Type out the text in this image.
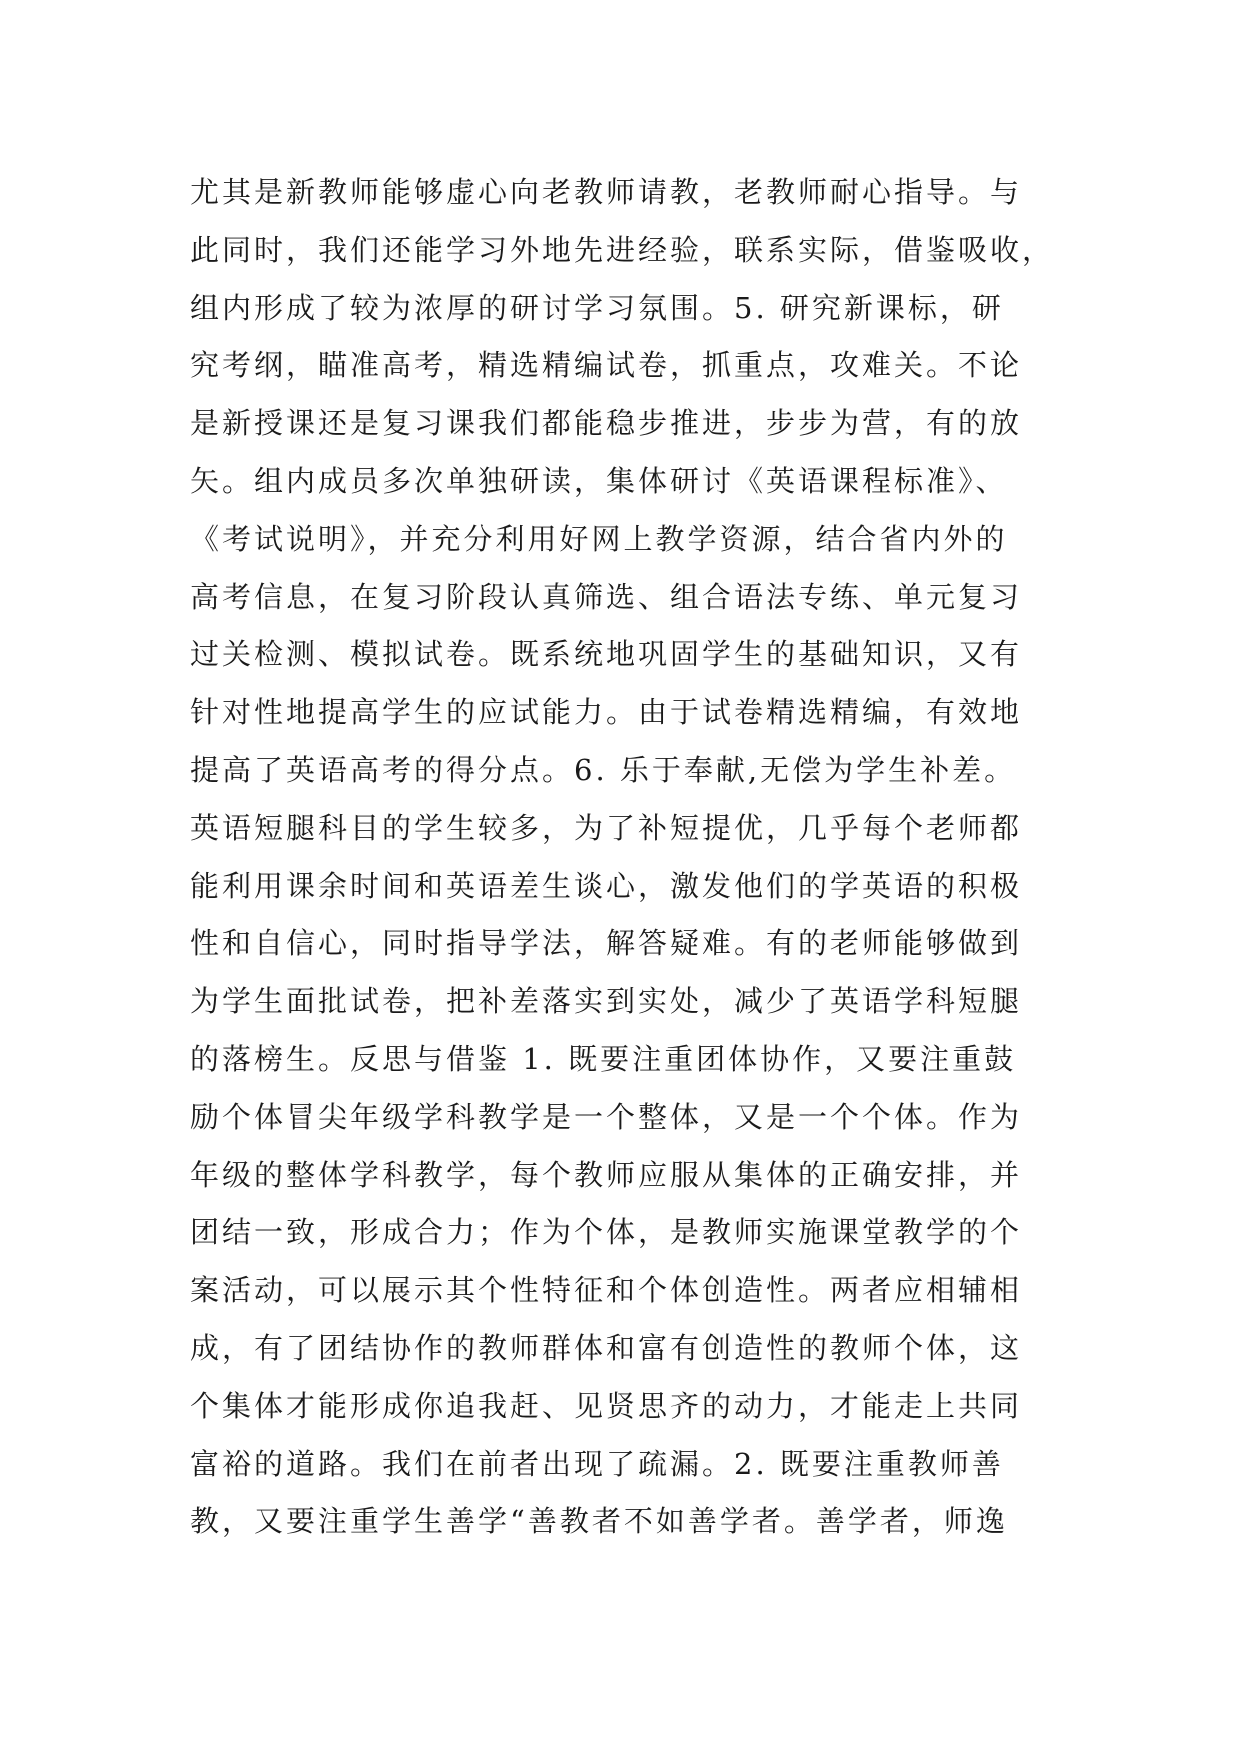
尤其是新教师能够虚心向老教师请教，老教师耐心指导。与
此同时，我们还能学习外地先进经验，联系实际，借鉴吸收，
组内形成了较为浓厚的研讨学习氛围。5. 研究新课标，研
究考纲，瞄准高考，精选精编试卷，抓重点，攻难关。不论
是新授课还是复习课我们都能稳步推进，步步为营，有的放
矢。组内成员多次单独研读，集体研讨《英语课程标准》、
《考试说明》，并充分利用好网上教学资源，结合省内外的
高考信息，在复习阶段认真筛选、组合语法专练、单元复习
过关检测、模拟试卷。既系统地巩固学生的基础知识，又有
针对性地提高学生的应试能力。由于试卷精选精编，有效地
提高了英语高考的得分点。6. 乐于奉献,无偿为学生补差。
英语短腿科目的学生较多，为了补短提优，几乎每个老师都
能利用课余时间和英语差生谈心，激发他们的学英语的积极
性和自信心，同时指导学法，解答疑难。有的老师能够做到
为学生面批试卷，把补差落实到实处，减少了英语学科短腿
的落榜生。反思与借鉴 1. 既要注重团体协作，又要注重鼓
励个体冒尖年级学科教学是一个整体，又是一个个体。作为
年级的整体学科教学，每个教师应服从集体的正确安排，并
团结一致，形成合力；作为个体，是教师实施课堂教学的个
案活动，可以展示其个性特征和个体创造性。两者应相辅相
成，有了团结协作的教师群体和富有创造性的教师个体，这
个集体才能形成你追我赶、见贤思齐的动力，才能走上共同
富裕的道路。我们在前者出现了疏漏。2. 既要注重教师善
教，又要注重学生善学“善教者不如善学者。善学者，师逸
